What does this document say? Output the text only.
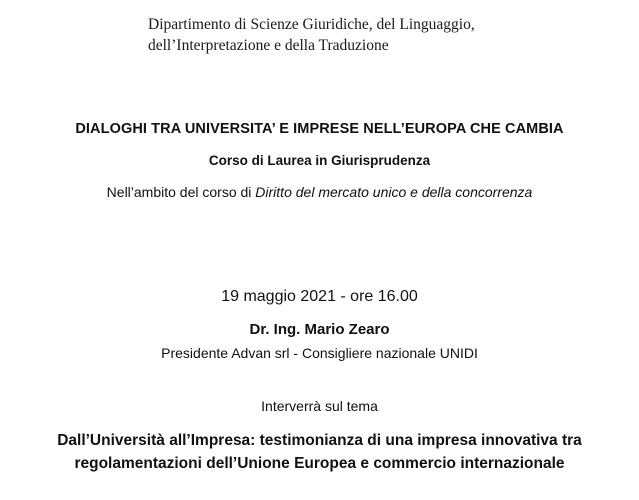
Dipartimento di Scienze Giuridiche, del Linguaggio,
dell’Interpretazione e della Traduzione
DIALOGHI TRA UNIVERSITA’ E IMPRESE NELL’EUROPA CHE CAMBIA
Corso di Laurea in Giurisprudenza
Nell’ambito del corso di Diritto del mercato unico e della concorrenza
19 maggio 2021 - ore 16.00
Dr. Ing. Mario Zearo
Presidente Advan srl - Consigliere nazionale UNIDI
Interverrà sul tema
Dall’Università all’Impresa: testimonianza di una impresa innovativa tra
regolamentazioni dell’Unione Europea e commercio internazionale
